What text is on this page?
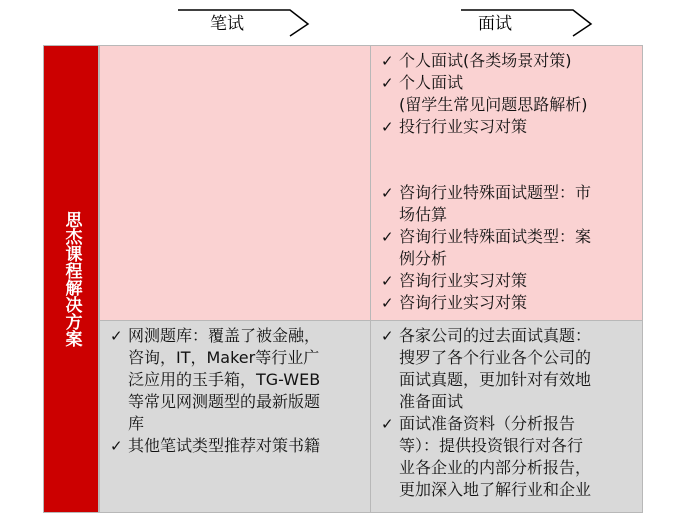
笔试	面试
思杰课程解决方案
✓ 个人面试(各类场景对策)
✓ 个人面试
(留学生常见问题思路解析)
✓ 投行行业实习对策
✓ 咨询行业特殊面试题型：市
场估算
✓ 咨询行业特殊面试类型：案
例分析
✓ 咨询行业实习对策
✓ 咨询行业实习对策
✓ 网测题库：覆盖了被金融，
咨询，IT，Maker等行业广
泛应用的玉手箱，TG-WEB
等常见网测题型的最新版题
库
✓ 其他笔试类型推荐对策书籍
✓ 各家公司的过去面试真题：
搜罗了各个行业各个公司的
面试真题，更加针对有效地
准备面试
✓ 面试准备资料（分析报告
等）：提供投资银行对各行
业各企业的内部分析报告，
更加深入地了解行业和企业
